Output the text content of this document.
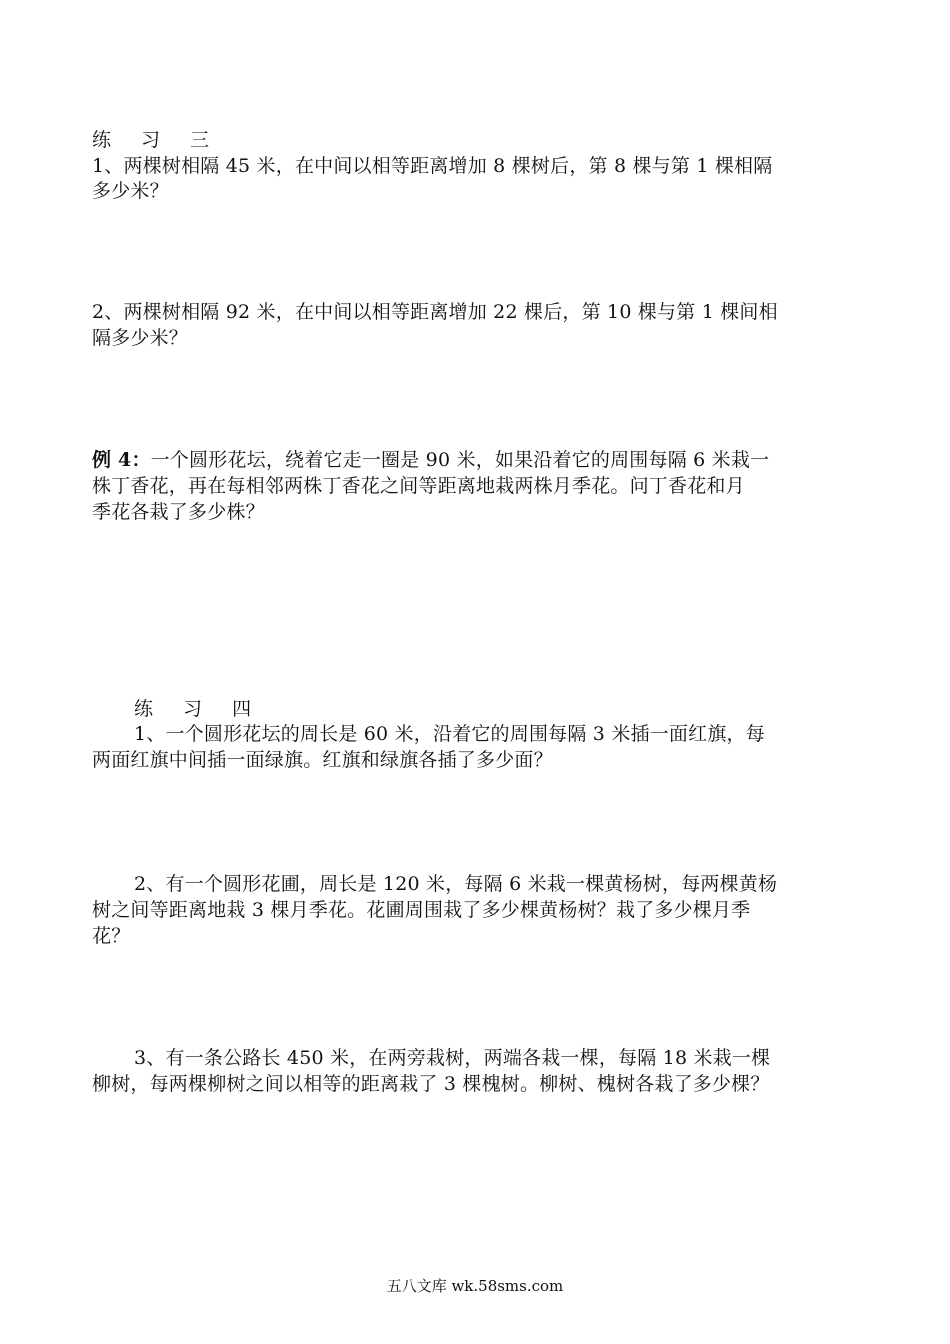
练 习 三
1、两棵树相隔 45 米，在中间以相等距离增加 8 棵树后，第 8 棵与第 1 棵相隔
多少米？
2、两棵树相隔 92 米，在中间以相等距离增加 22 棵后，第 10 棵与第 1 棵间相
隔多少米？
例 4：一个圆形花坛，绕着它走一圈是 90 米，如果沿着它的周围每隔 6 米栽一
株丁香花，再在每相邻两株丁香花之间等距离地栽两株月季花。问丁香花和月
季花各栽了多少株？
练 习 四
1、一个圆形花坛的周长是 60 米，沿着它的周围每隔 3 米插一面红旗，每
两面红旗中间插一面绿旗。红旗和绿旗各插了多少面？
2、有一个圆形花圃，周长是 120 米，每隔 6 米栽一棵黄杨树，每两棵黄杨
树之间等距离地栽 3 棵月季花。花圃周围栽了多少棵黄杨树？栽了多少棵月季
花？
3、有一条公路长 450 米，在两旁栽树，两端各栽一棵，每隔 18 米栽一棵
柳树，每两棵柳树之间以相等的距离栽了 3 棵槐树。柳树、槐树各栽了多少棵？
五八文库 wk.58sms.com
